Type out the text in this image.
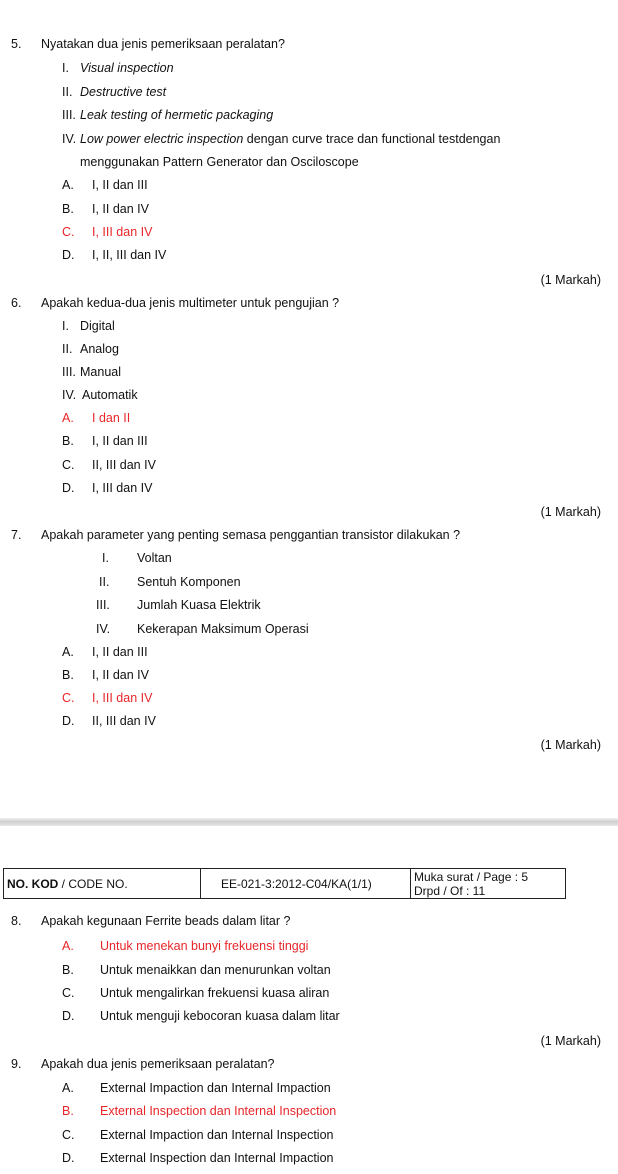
5. Nyatakan dua jenis pemeriksaan peralatan?
I. Visual inspection
II. Destructive test
III. Leak testing of hermetic packaging
IV. Low power electric inspection dengan curve trace dan functional testdengan
menggunakan Pattern Generator dan Osciloscope
A. I, II dan III
B. I, II dan IV
C. I, III dan IV
D. I, II, III dan IV
(1 Markah)
6. Apakah kedua-dua jenis multimeter untuk pengujian ?
I. Digital
II. Analog
III. Manual
IV. Automatik
A. I dan II
B. I, II dan III
C. II, III dan IV
D. I, III dan IV
(1 Markah)
7. Apakah parameter yang penting semasa penggantian transistor dilakukan ?
I. Voltan
II. Sentuh Komponen
III. Jumlah Kuasa Elektrik
IV. Kekerapan Maksimum Operasi
A. I, II dan III
B. I, II dan IV
C. I, III dan IV
D. II, III dan IV
(1 Markah)
NO. KOD / CODE NO.	EE-021-3:2012-C04/KA(1/1)	Muka surat / Page : 5
Drpd / Of : 11
8. Apakah kegunaan Ferrite beads dalam litar ?
A. Untuk menekan bunyi frekuensi tinggi
B. Untuk menaikkan dan menurunkan voltan
C. Untuk mengalirkan frekuensi kuasa aliran
D. Untuk menguji kebocoran kuasa dalam litar
(1 Markah)
9. Apakah dua jenis pemeriksaan peralatan?
A. External Impaction dan Internal Impaction
B. External Inspection dan Internal Inspection
C. External Impaction dan Internal Inspection
D. External Inspection dan Internal Impaction
